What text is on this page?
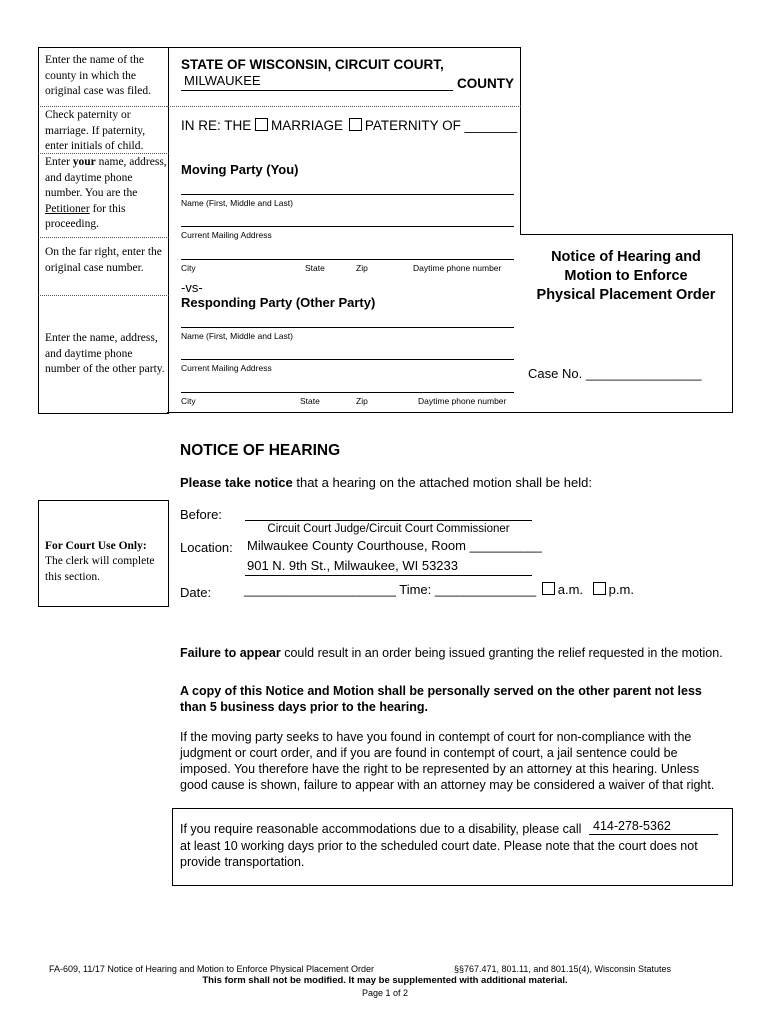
Enter the name of the county in which the original case was filed.
Check paternity or marriage. If paternity, enter initials of child.
Enter your name, address, and daytime phone number. You are the Petitioner for this proceeding.
On the far right, enter the original case number.
Enter the name, address, and daytime phone number of the other party.
STATE OF WISCONSIN, CIRCUIT COURT,
MILWAUKEE	COUNTY
IN RE: THE MARRIAGE PATERNITY OF _______
Moving Party (You)
Name (First, Middle and Last)
Current Mailing Address
City	State	Zip	Daytime phone number
-vs-
Responding Party (Other Party)
Name (First, Middle and Last)
Current Mailing Address
City	State	Zip	Daytime phone number
Notice of Hearing and
Motion to Enforce
Physical Placement Order
Case No. ________________
NOTICE OF HEARING
Please take notice that a hearing on the attached motion shall be held:
For Court Use Only:
The clerk will complete this section.
Before:
Circuit Court Judge/Circuit Court Commissioner
Location: Milwaukee County Courthouse, Room __________
901 N. 9th St., Milwaukee, WI 53233
Date:	_____________________ Time: ______________ a.m. p.m.
Failure to appear could result in an order being issued granting the relief requested in the motion.
A copy of this Notice and Motion shall be personally served on the other parent not less than 5 business days prior to the hearing.
If the moving party seeks to have you found in contempt of court for non-compliance with the judgment or court order, and if you are found in contempt of court, a jail sentence could be imposed. You therefore have the right to be represented by an attorney at this hearing. Unless good cause is shown, failure to appear with an attorney may be considered a waiver of that right.
If you require reasonable accommodations due to a disability, please call 414-278-5362
at least 10 working days prior to the scheduled court date. Please note that the court does not provide transportation.
FA-609, 11/17 Notice of Hearing and Motion to Enforce Physical Placement Order	§§767.471, 801.11, and 801.15(4), Wisconsin Statutes
This form shall not be modified. It may be supplemented with additional material.
Page 1 of 2
